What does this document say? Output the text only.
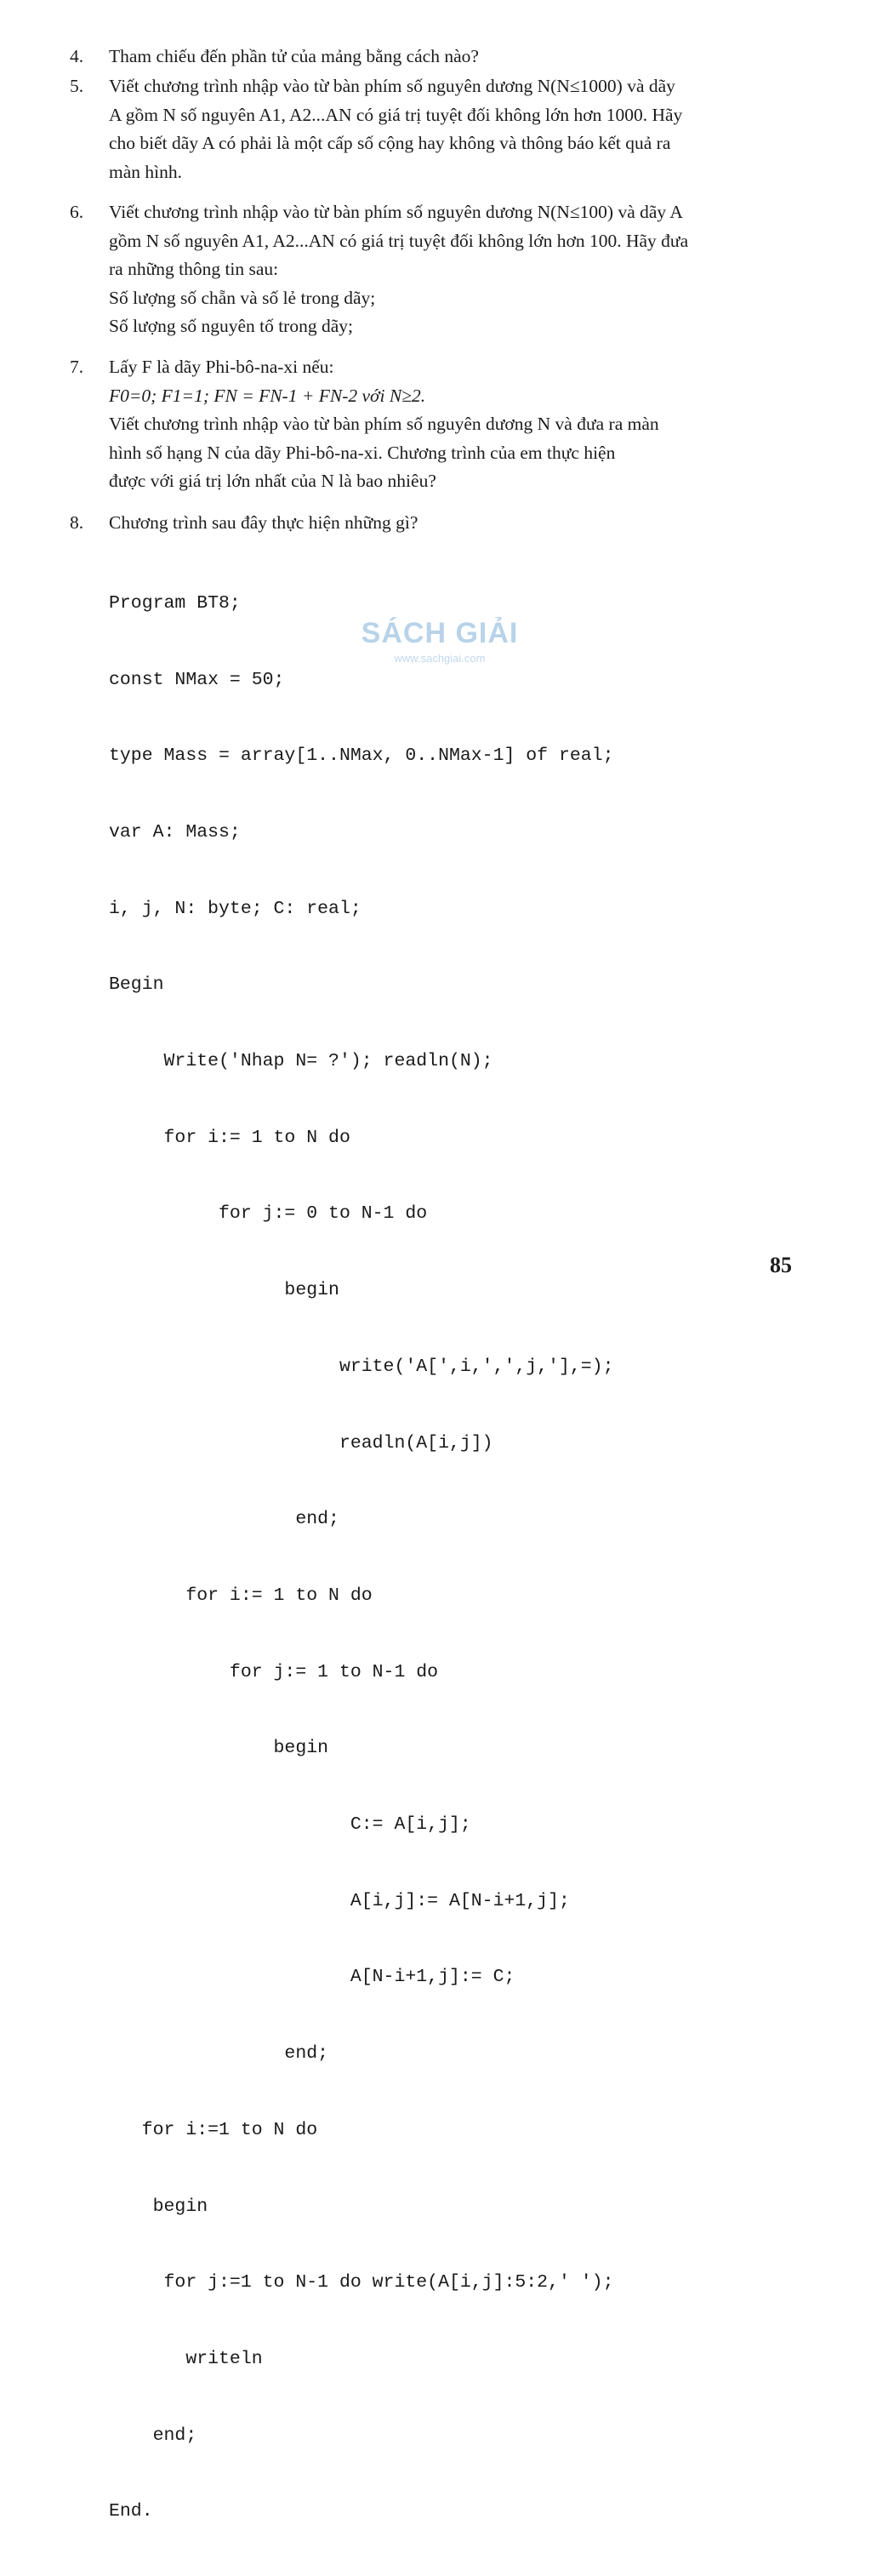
4.	Tham chiếu đến phần tử của mảng bằng cách nào?
5.	Viết chương trình nhập vào từ bàn phím số nguyên dương N(N≤1000) và dãy
A gồm N số nguyên A1, A2...AN có giá trị tuyệt đối không lớn hơn 1000. Hãy
cho biết dãy A có phải là một cấp số cộng hay không và thông báo kết quả ra
màn hình.
6.	Viết chương trình nhập vào từ bàn phím số nguyên dương N(N≤100) và dãy A
gồm N số nguyên A1, A2...AN có giá trị tuyệt đối không lớn hơn 100. Hãy đưa
ra những thông tin sau:
Số lượng số chẵn và số lẻ trong dãy;
Số lượng số nguyên tố trong dãy;
7.	Lấy F là dãy Phi-bô-na-xi nếu:
F0=0; F1=1; FN = FN-1 + FN-2 với N≥2.
Viết chương trình nhập vào từ bàn phím số nguyên dương N và đưa ra màn
hình số hạng N của dãy Phi-bô-na-xi. Chương trình của em thực hiện
được với giá trị lớn nhất của N là bao nhiêu?
8.	Chương trình sau đây thực hiện những gì?

Program BT8;

const NMax = 50;

type Mass = array[1..NMax, 0..NMax-1] of real;

var A: Mass;

i, j, N: byte; C: real;

Begin

Write('Nhap N= ?'); readln(N);

for i:= 1 to N do

for j:= 0 to N-1 do

begin

write('A[',i,',',j,'],=);

readln(A[i,j])

end;

for i:= 1 to N do

for j:= 1 to N-1 do

begin

C:= A[i,j];

A[i,j]:= A[N-i+1,j];

A[N-i+1,j]:= C;

end;

for i:=1 to N do

begin

for j:=1 to N-1 do write(A[i,j]:5:2,' ');

writeln

end;

End.

SÁCH GIẢI
www.sachgiai.com
85
